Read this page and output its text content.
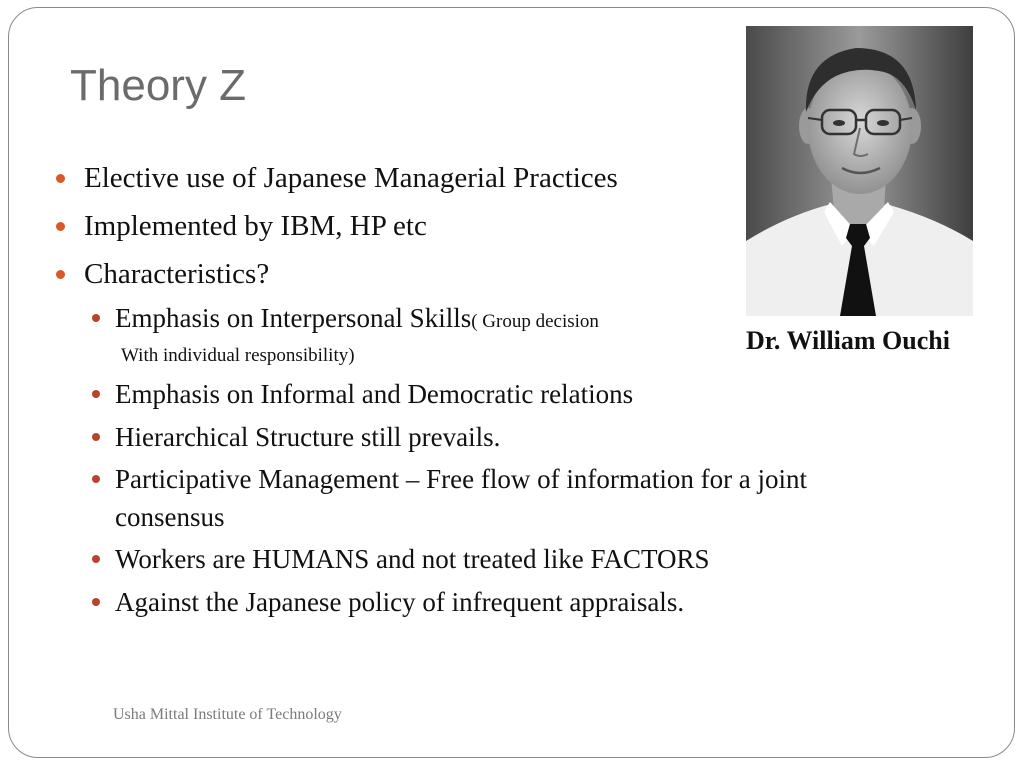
Theory Z
Elective use of Japanese Managerial Practices
Implemented by IBM, HP etc
Characteristics?
Emphasis on Interpersonal Skills( Group decision
With individual responsibility)
Emphasis on Informal and Democratic relations
Hierarchical Structure still prevails.
Participative Management – Free flow of information for a joint
consensus
Workers are HUMANS and not treated like FACTORS
Against the Japanese policy of infrequent appraisals.
Dr. William Ouchi
Usha Mittal Institute of Technology
